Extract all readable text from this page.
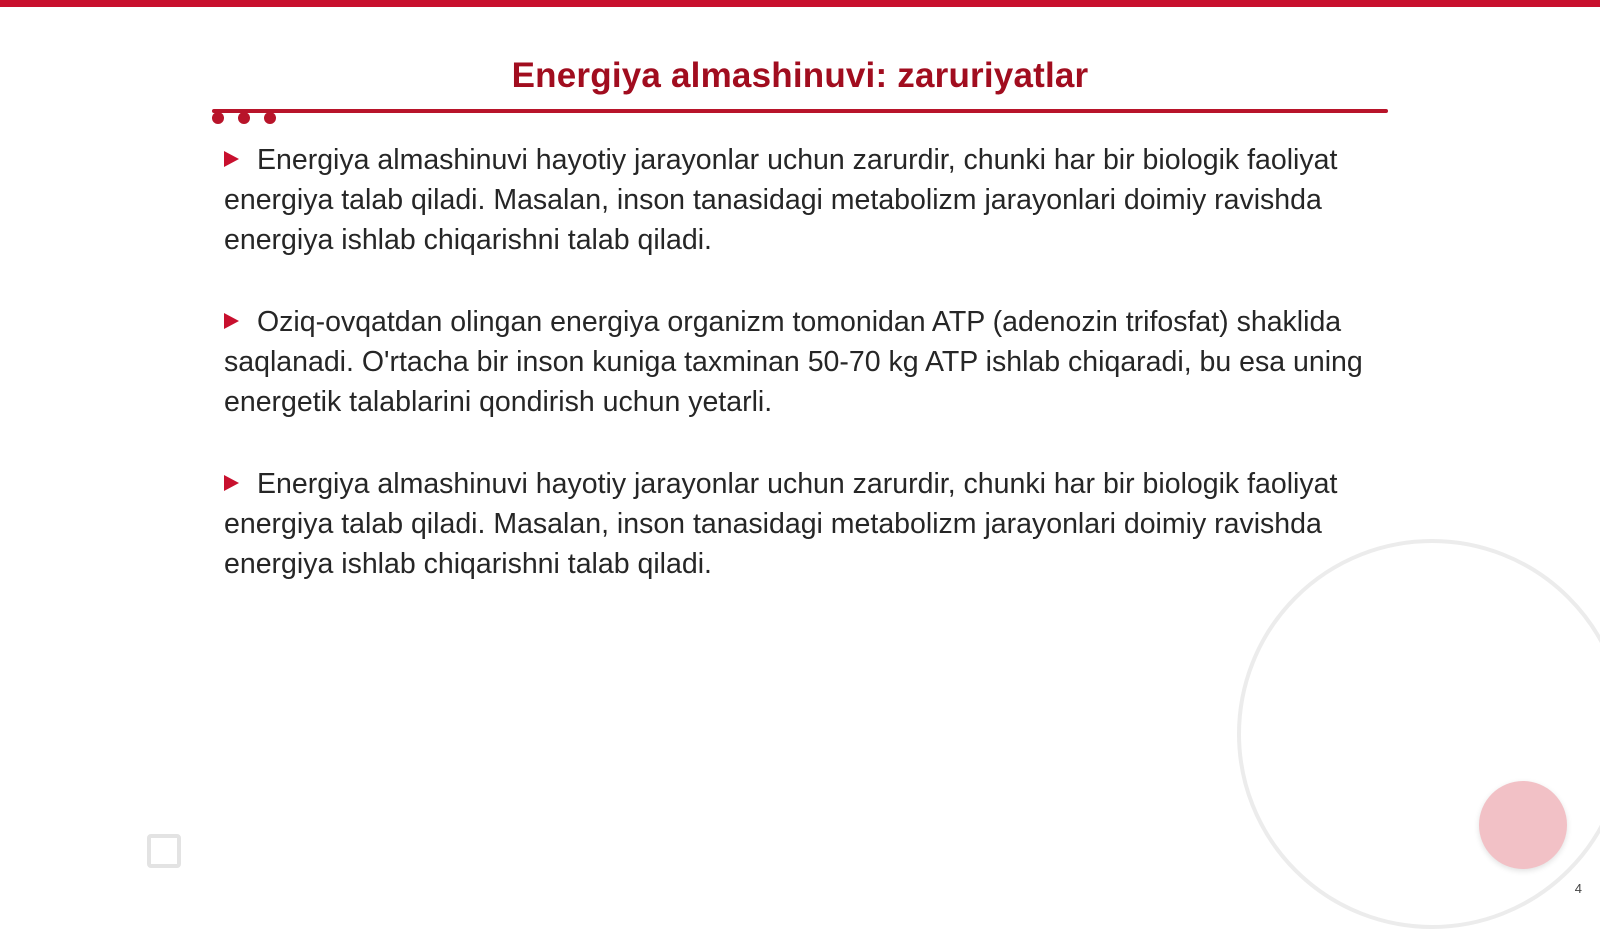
Energiya almashinuvi: zaruriyatlar
Energiya almashinuvi hayotiy jarayonlar uchun zarurdir, chunki har bir biologik faoliyat energiya talab qiladi. Masalan, inson tanasidagi metabolizm jarayonlari doimiy ravishda energiya ishlab chiqarishni talab qiladi.
Oziq-ovqatdan olingan energiya organizm tomonidan ATP (adenozin trifosfat) shaklida saqlanadi. O'rtacha bir inson kuniga taxminan 50-70 kg ATP ishlab chiqaradi, bu esa uning energetik talablarini qondirish uchun yetarli.
Energiya almashinuvi hayotiy jarayonlar uchun zarurdir, chunki har bir biologik faoliyat energiya talab qiladi. Masalan, inson tanasidagi metabolizm jarayonlari doimiy ravishda energiya ishlab chiqarishni talab qiladi.
4
